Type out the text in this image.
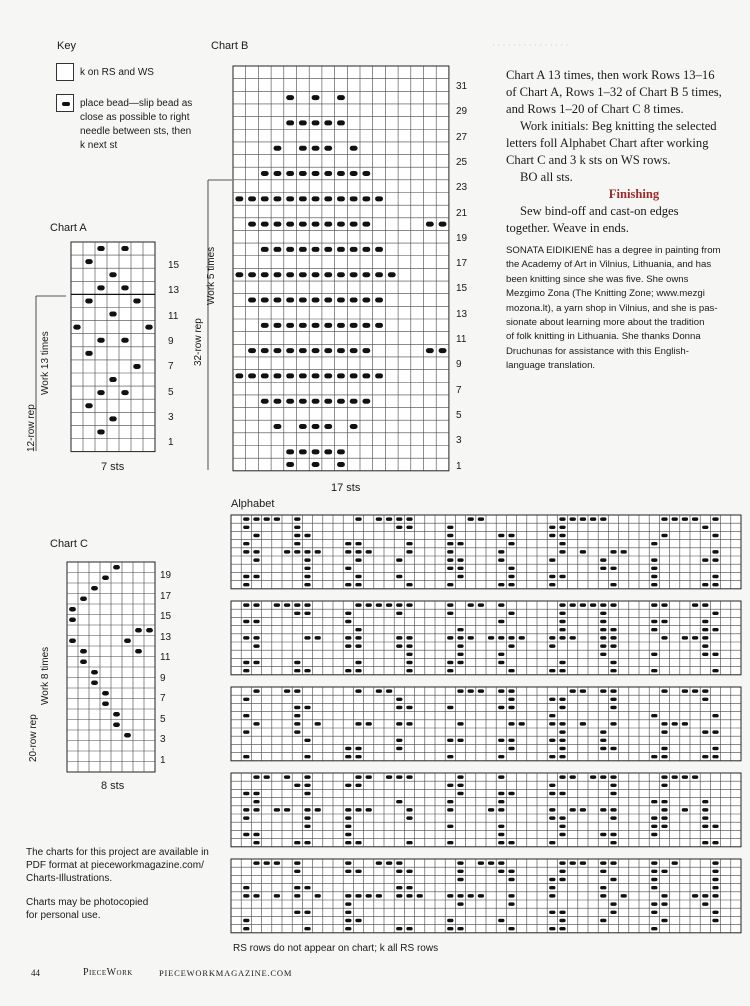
Key
k on RS and WS
place bead—slip bead as
close as possible to right
needle between sts, then
k next st
Chart A
7 sts
Work 13 times
12-row rep
Chart B
17 sts
Work 5 times
32-row rep
Chart C
8 sts
Work 8 times
20-row rep
· · · · · · · · · · · · · · ·
Chart A 13 times, then work Rows 13–16
of Chart A, Rows 1–32 of Chart B 5 times,
and Rows 1–20 of Chart C 8 times.
Work initials: Beg knitting the selected
letters foll Alphabet Chart after working
Chart C and 3 k sts on WS rows.
BO all sts.
Finishing
Sew bind-off and cast-on edges
together. Weave in ends.
SONATA EIDIKIENĖ has a degree in painting from
the Academy of Art in Vilnius, Lithuania, and has
been knitting since she was five. She owns
Mezgimo Zona (The Knitting Zone; www.mezgi
mozona.lt), a yarn shop in Vilnius, and she is pas-
sionate about learning more about the tradition
of folk knitting in Lithuania. She thanks Donna
Druchunas for assistance with this English-
language translation.
Alphabet
RS rows do not appear on chart; k all RS rows
The charts for this project are available in
PDF format at pieceworkmagazine.com/
Charts-Illustrations.
Charts may be photocopied
for personal use.
44	PieceWork	PIECEWORKMAGAZINE.COM
15
13
11
9
7
5
3
1
31
29
27
25
23
21
19
17
15
13
11
9
7
5
3
1
19
17
15
13
11
9
7
5
3
1
